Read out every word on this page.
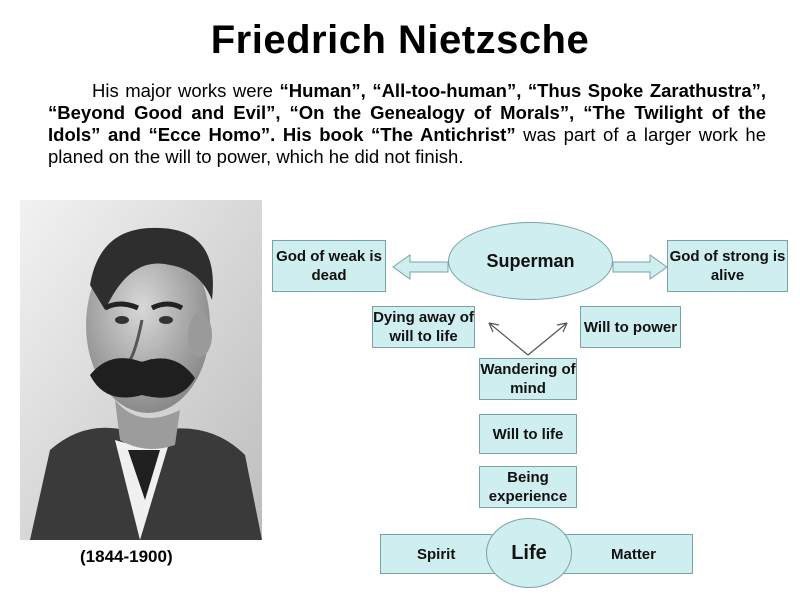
Friedrich Nietzsche
His major works were “Human”, “All-too-human”, “Thus Spoke Zarathustra”, “Beyond Good and Evil”, “On the Genealogy of Morals”, “The Twilight of the Idols” and “Ecce Homo”. His book “The Antichrist” was part of a larger work he planed on the will to power, which he did not finish.
(1844-1900)
God of weak is dead
Superman	God of strong is alive
Dying away of will to life
Will to power
Wandering of mind
Will to life
Being experience
Spirit	Matter
Life
